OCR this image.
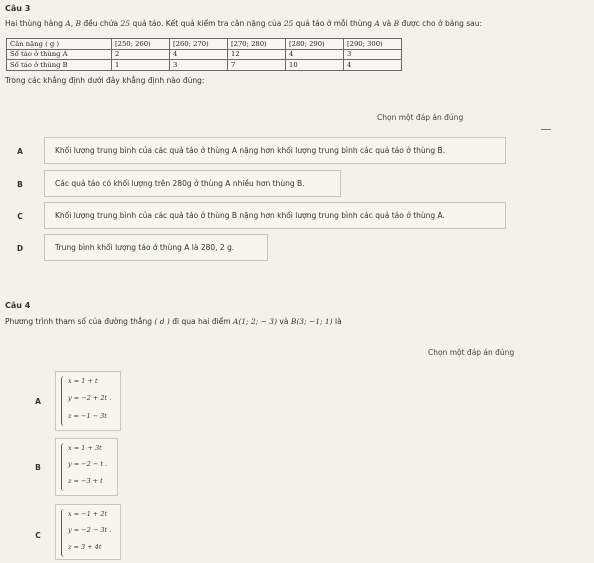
Câu 3
Hai thùng hàng A, B đều chứa 25 quả táo. Kết quả kiểm tra cân nặng của 25 quả táo ở mỗi thùng A và B được cho ở bảng sau:
Cân nặng ( g )	[250; 260)	[260; 270)	[270; 280)	[280; 290)	[290; 300)
Số táo ở thùng A	2	4	12	4	3
Số táo ở thùng B	1	3	7	10	4
Trong các khẳng định dưới đây khẳng định nào đúng:
Chọn một đáp án đúng
A	Khối lượng trung bình của các quả táo ở thùng A nặng hơn khối lượng trung bình các quả táo ở thùng B.
B	Các quả táo có khối lượng trên 280g ở thùng A nhiều hơn thùng B.
C	Khối lượng trung bình của các quả táo ở thùng B nặng hơn khối lượng trung bình các quả táo ở thùng A.
D	Trung bình khối lượng táo ở thùng A là 280, 2 g.
Câu 4
Phương trình tham số của đường thẳng ( d ) đi qua hai điểm A(1; 2; − 3) và B(3; −1; 1) là
Chọn một đáp án đúng
A
x = 1 + t
y = −2 + 2t .
z = −1 − 3t
B
x = 1 + 3t
y = −2 − t .
z = −3 + t
C
x = −1 + 2t
y = −2 − 3t .
z = 3 + 4t
